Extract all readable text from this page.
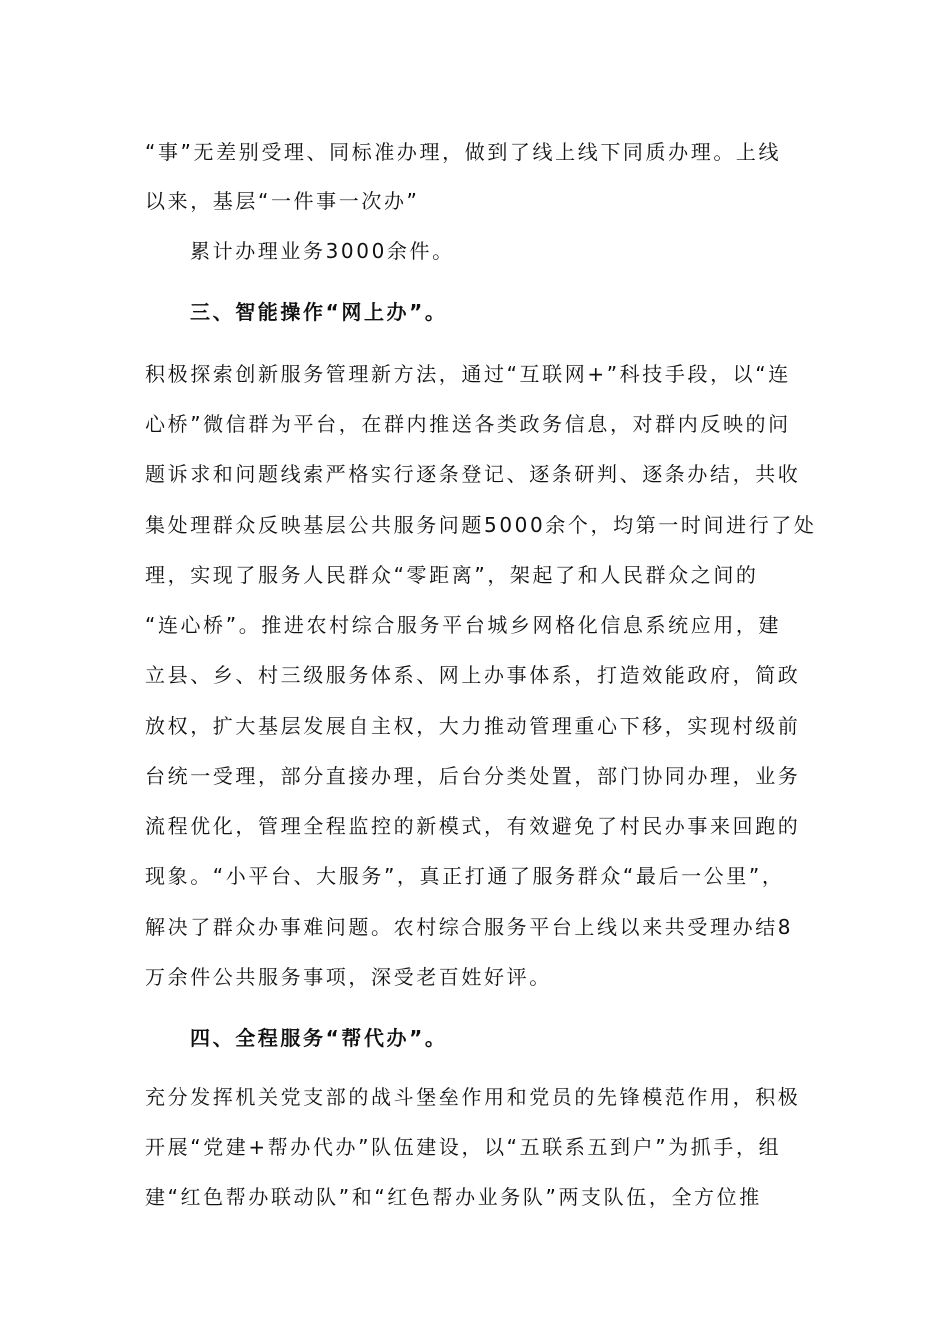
“事”无差别受理、同标准办理，做到了线上线下同质办理。上线
以来，基层“一件事一次办”
累计办理业务3000余件。
三、智能操作“网上办”。
积极探索创新服务管理新方法，通过“互联网+”科技手段，以“连
心桥”微信群为平台，在群内推送各类政务信息，对群内反映的问
题诉求和问题线索严格实行逐条登记、逐条研判、逐条办结，共收
集处理群众反映基层公共服务问题5000余个，均第一时间进行了处
理，实现了服务人民群众“零距离”，架起了和人民群众之间的
“连心桥”。推进农村综合服务平台城乡网格化信息系统应用，建
立县、乡、村三级服务体系、网上办事体系，打造效能政府，简政
放权，扩大基层发展自主权，大力推动管理重心下移，实现村级前
台统一受理，部分直接办理，后台分类处置，部门协同办理，业务
流程优化，管理全程监控的新模式，有效避免了村民办事来回跑的
现象。“小平台、大服务”，真正打通了服务群众“最后一公里”，
解决了群众办事难问题。农村综合服务平台上线以来共受理办结8
万余件公共服务事项，深受老百姓好评。
四、全程服务“帮代办”。
充分发挥机关党支部的战斗堡垒作用和党员的先锋模范作用，积极
开展“党建+帮办代办”队伍建设，以“五联系五到户”为抓手，组
建“红色帮办联动队”和“红色帮办业务队”两支队伍，全方位推
